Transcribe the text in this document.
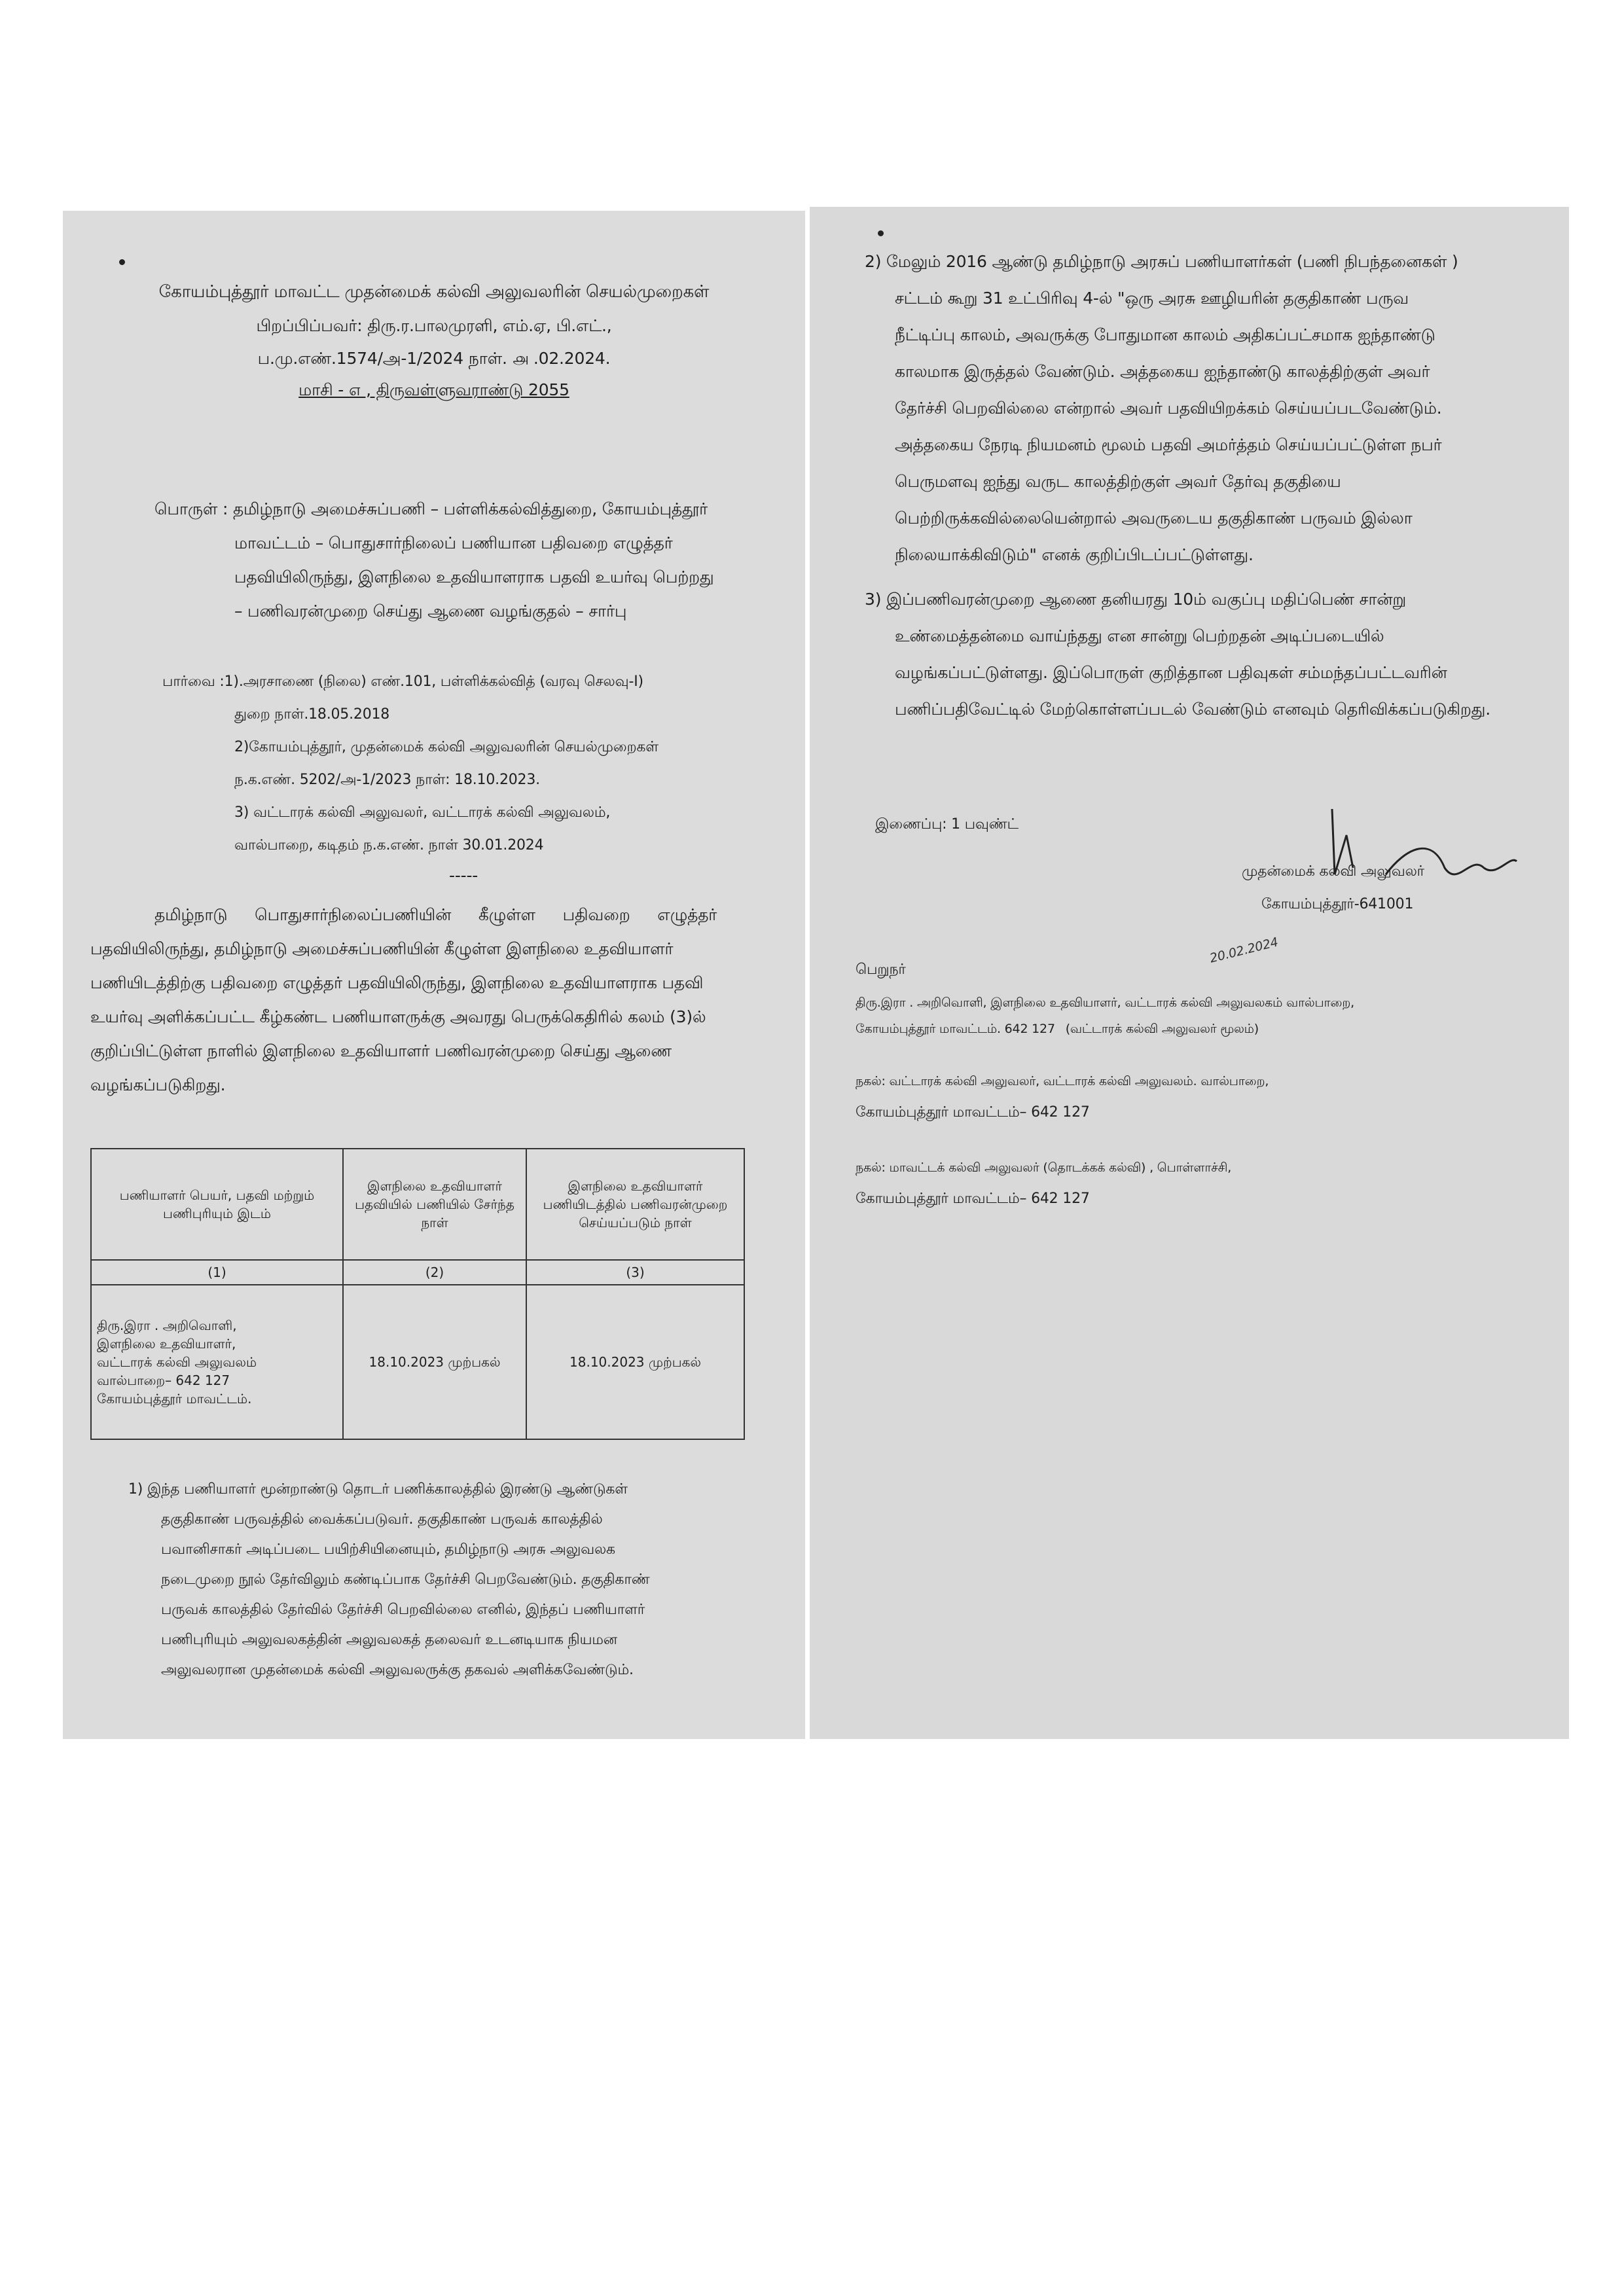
கோயம்புத்தூர் மாவட்ட முதன்மைக் கல்வி அலுவலரின் செயல்முறைகள்
பிறப்பிப்பவர்: திரு.ர.பாலமுரளி, எம்.ஏ, பி.எட்.,
ப.மு.எண்.1574/அ-1/2024 நாள். ௮ .02.2024.
மாசி - ௭ , திருவள்ளுவராண்டு 2055
பொருள் : தமிழ்நாடு அமைச்சுப்பணி – பள்ளிக்கல்வித்துறை, கோயம்புத்தூர்
மாவட்டம் – பொதுசார்நிலைப் பணியான பதிவறை எழுத்தர்
பதவியிலிருந்து, இளநிலை உதவியாளராக பதவி உயர்வு பெற்றது
– பணிவரன்முறை செய்து ஆணை வழங்குதல் – சார்பு
பார்வை :1).அரசாணை (நிலை) எண்.101, பள்ளிக்கல்வித் (வரவு செலவு-I)
துறை நாள்.18.05.2018
2)கோயம்புத்தூர், முதன்மைக் கல்வி அலுவலரின் செயல்முறைகள்
ந.க.எண். 5202/அ-1/2023 நாள்: 18.10.2023.
3) வட்டாரக் கல்வி அலுவலர், வட்டாரக் கல்வி அலுவலம்,
வால்பாறை, கடிதம் ந.க.எண். நாள் 30.01.2024
-----
தமிழ்நாடு பொதுசார்நிலைப்பணியின் கீழுள்ள பதிவறை எழுத்தர்
பதவியிலிருந்து, தமிழ்நாடு அமைச்சுப்பணியின் கீழுள்ள இளநிலை உதவியாளர்
பணியிடத்திற்கு பதிவறை எழுத்தர் பதவியிலிருந்து, இளநிலை உதவியாளராக பதவி
உயர்வு அளிக்கப்பட்ட கீழ்கண்ட பணியாளருக்கு அவரது பெருக்கெதிரில் கலம் (3)ல்
குறிப்பிட்டுள்ள நாளில் இளநிலை உதவியாளர் பணிவரன்முறை செய்து ஆணை
வழங்கப்படுகிறது.
பணியாளர் பெயர், பதவி மற்றும் பணிபுரியும் இடம்	இளநிலை உதவியாளர் பதவியில் பணியில் சேர்ந்த நாள்	இளநிலை உதவியாளர் பணியிடத்தில் பணிவரன்முறை செய்யப்படும் நாள்
(1)	(2)	(3)

திரு.இரா . அறிவொளி,
இளநிலை உதவியாளர்,
வட்டாரக் கல்வி அலுவலம்
வால்பாறை– 642 127
கோயம்புத்தூர் மாவட்டம்.	18.10.2023 முற்பகல்	18.10.2023 முற்பகல்
1) இந்த பணியாளர் மூன்றாண்டு தொடர் பணிக்காலத்தில் இரண்டு ஆண்டுகள்
தகுதிகாண் பருவத்தில் வைக்கப்படுவர். தகுதிகாண் பருவக் காலத்தில்
பவானிசாகர் அடிப்படை பயிற்சியினையும், தமிழ்நாடு அரசு அலுவலக
நடைமுறை நூல் தேர்விலும் கண்டிப்பாக தேர்ச்சி பெறவேண்டும். தகுதிகாண்
பருவக் காலத்தில் தேர்வில் தேர்ச்சி பெறவில்லை எனில், இந்தப் பணியாளர்
பணிபுரியும் அலுவலகத்தின் அலுவலகத் தலைவர் உடனடியாக நியமன
அலுவலரான முதன்மைக் கல்வி அலுவலருக்கு தகவல் அளிக்கவேண்டும்.
2) மேலும் 2016 ஆண்டு தமிழ்நாடு அரசுப் பணியாளர்கள் (பணி நிபந்தனைகள் )
சட்டம் கூறு 31 உட்பிரிவு 4-ல் "ஒரு அரசு ஊழியரின் தகுதிகாண் பருவ
நீட்டிப்பு காலம், அவருக்கு போதுமான காலம் அதிகப்பட்சமாக ஐந்தாண்டு
காலமாக இருத்தல் வேண்டும். அத்தகைய ஐந்தாண்டு காலத்திற்குள் அவர்
தேர்ச்சி பெறவில்லை என்றால் அவர் பதவியிறக்கம் செய்யப்படவேண்டும்.
அத்தகைய நேரடி நியமனம் மூலம் பதவி அமர்த்தம் செய்யப்பட்டுள்ள நபர்
பெருமளவு ஐந்து வருட காலத்திற்குள் அவர் தேர்வு தகுதியை
பெற்றிருக்கவில்லையென்றால் அவருடைய தகுதிகாண் பருவம் இல்லா
நிலையாக்கிவிடும்" எனக் குறிப்பிடப்பட்டுள்ளது.
3) இப்பணிவரன்முறை ஆணை தனியரது 10ம் வகுப்பு மதிப்பெண் சான்று
உண்மைத்தன்மை வாய்ந்தது என சான்று பெற்றதன் அடிப்படையில்
வழங்கப்பட்டுள்ளது. இப்பொருள் குறித்தான பதிவுகள் சம்மந்தப்பட்டவரின்
பணிப்பதிவேட்டில் மேற்கொள்ளப்படல் வேண்டும் எனவும் தெரிவிக்கப்படுகிறது.
இணைப்பு: 1 பவுண்ட்
முதன்மைக் கல்வி அலுவலர்
கோயம்புத்தூர்-641001
20.02.2024
பெறுநர்
திரு.இரா . அறிவொளி, இளநிலை உதவியாளர், வட்டாரக் கல்வி அலுவலகம் வால்பாறை,
கோயம்புத்தூர் மாவட்டம். 642 127 (வட்டாரக் கல்வி அலுவலர் மூலம்)
நகல்: வட்டாரக் கல்வி அலுவலர், வட்டாரக் கல்வி அலுவலம். வால்பாறை,
கோயம்புத்தூர் மாவட்டம்– 642 127
நகல்: மாவட்டக் கல்வி அலுவலர் (தொடக்கக் கல்வி) , பொள்ளாச்சி,
கோயம்புத்தூர் மாவட்டம்– 642 127
